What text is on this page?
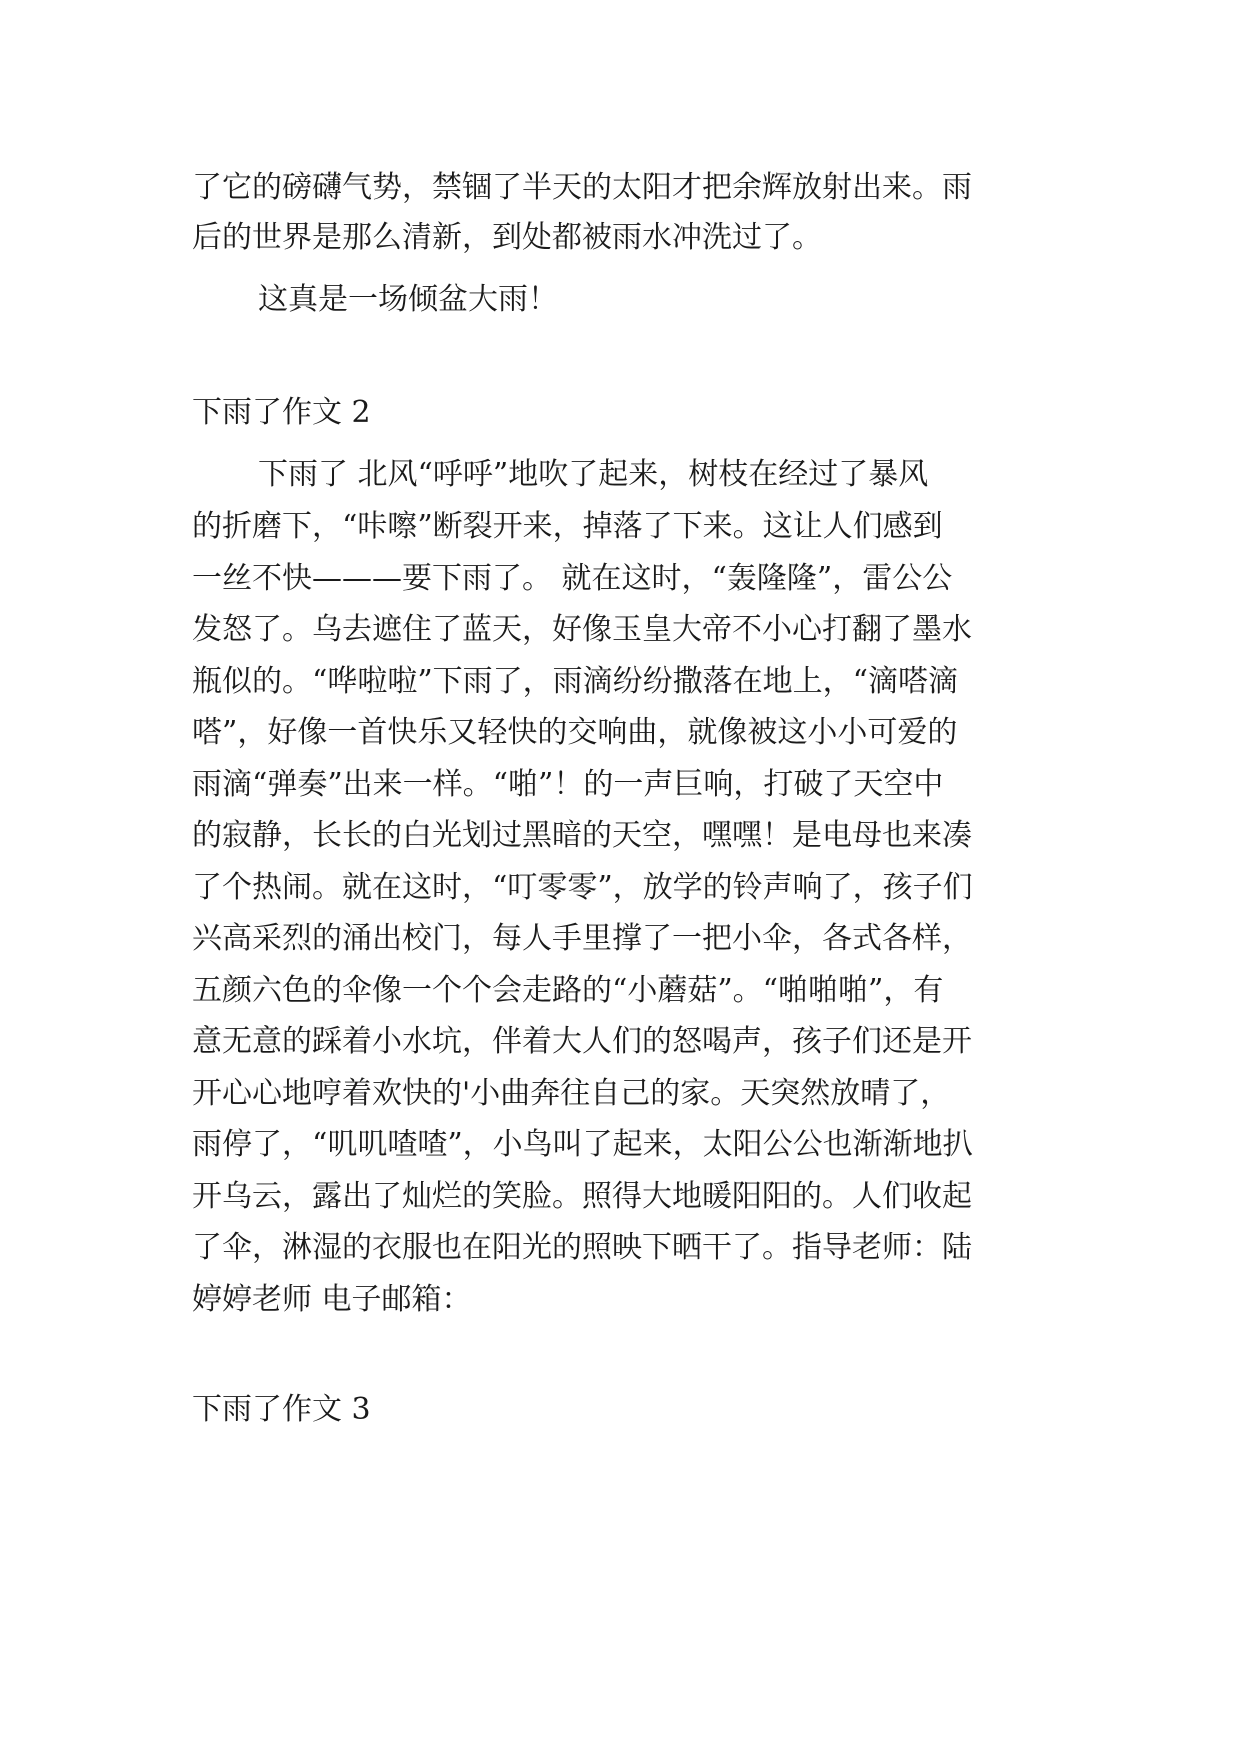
了它的磅礴气势，禁锢了半天的太阳才把余辉放射出来。雨
后的世界是那么清新，到处都被雨水冲洗过了。
这真是一场倾盆大雨！
下雨了作文 2
下雨了 北风“呼呼”地吹了起来，树枝在经过了暴风
的折磨下，“咔嚓”断裂开来，掉落了下来。这让人们感到
一丝不快———要下雨了。 就在这时，“轰隆隆”，雷公公
发怒了。乌去遮住了蓝天，好像玉皇大帝不小心打翻了墨水
瓶似的。“哗啦啦”下雨了，雨滴纷纷撒落在地上，“滴嗒滴
嗒”，好像一首快乐又轻快的交响曲，就像被这小小可爱的
雨滴“弹奏”出来一样。“啪”！的一声巨响，打破了天空中
的寂静，长长的白光划过黑暗的天空，嘿嘿！是电母也来凑
了个热闹。就在这时，“叮零零”，放学的铃声响了，孩子们
兴高采烈的涌出校门，每人手里撑了一把小伞，各式各样，
五颜六色的伞像一个个会走路的“小蘑菇”。“啪啪啪”，有
意无意的踩着小水坑，伴着大人们的怒喝声，孩子们还是开
开心心地哼着欢快的'小曲奔往自己的家。天突然放晴了，
雨停了，“叽叽喳喳”，小鸟叫了起来，太阳公公也渐渐地扒
开乌云，露出了灿烂的笑脸。照得大地暖阳阳的。人们收起
了伞，淋湿的衣服也在阳光的照映下晒干了。指导老师：陆
婷婷老师 电子邮箱：
下雨了作文 3
